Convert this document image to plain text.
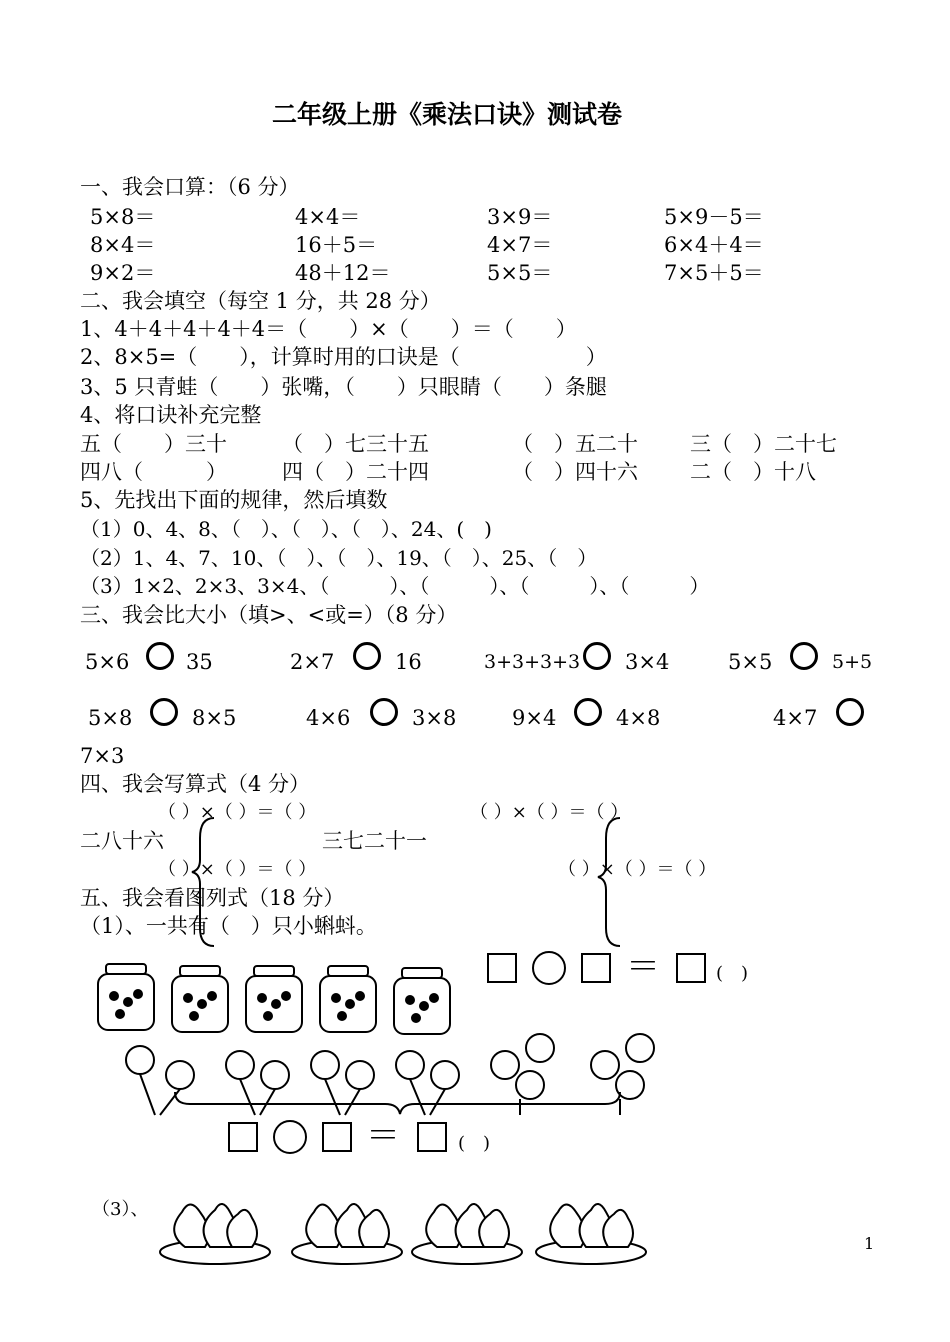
二年级上册《乘法口诀》测试卷
一、我会口算：（6 分）
5×8＝	4×4＝	3×9＝	5×9－5＝
8×4＝	16＋5＝	4×7＝	6×4＋4＝
9×2＝	48＋12＝	5×5＝	7×5＋5＝
二、我会填空（每空 1 分，共 28 分）
1、4＋4＋4＋4＋4＝（　　）×（　　）＝（　　）
2、8×5=（　　），计算时用的口诀是（　　　　　　）
3、5 只青蛙（　　）张嘴，（　　）只眼睛（　　）条腿
4、将口诀补充完整
五（　　）三十	（　）七三十五	（　）五二十 三（　）二十七
四八（　　　）	四（　）二十四	（　）四十六 二（　）十八
5、先找出下面的规律，然后填数
（1）0、4、8、（　）、（　）、（　）、24、(　)
（2）1、4、7、10、（　）、（　）、19、（　）、25、（　）
（3）1×2、2×3、3×4、（　　　）、（　　　）、（　　　）、（　　　）
三、我会比大小（填>、<或=）（8 分）
5×6	35	2×7	16	3+3+3+3 3×4	5×5	5+5
5×8	8×5	4×6	3×8	9×4	4×8	4×7
7×3
四、我会写算式（4 分）
（ ）×（ ）＝（ ）	（ ）×（ ）＝（ ）
二八十六	三七二十一
（ ）×（ ）＝（ ）	（ ）×（ ）＝（ ）
五、我会看图列式（18 分）
（1）、一共有（　）只小蝌蚪。
＝	(　)
＝	(　)
（3）、
1
